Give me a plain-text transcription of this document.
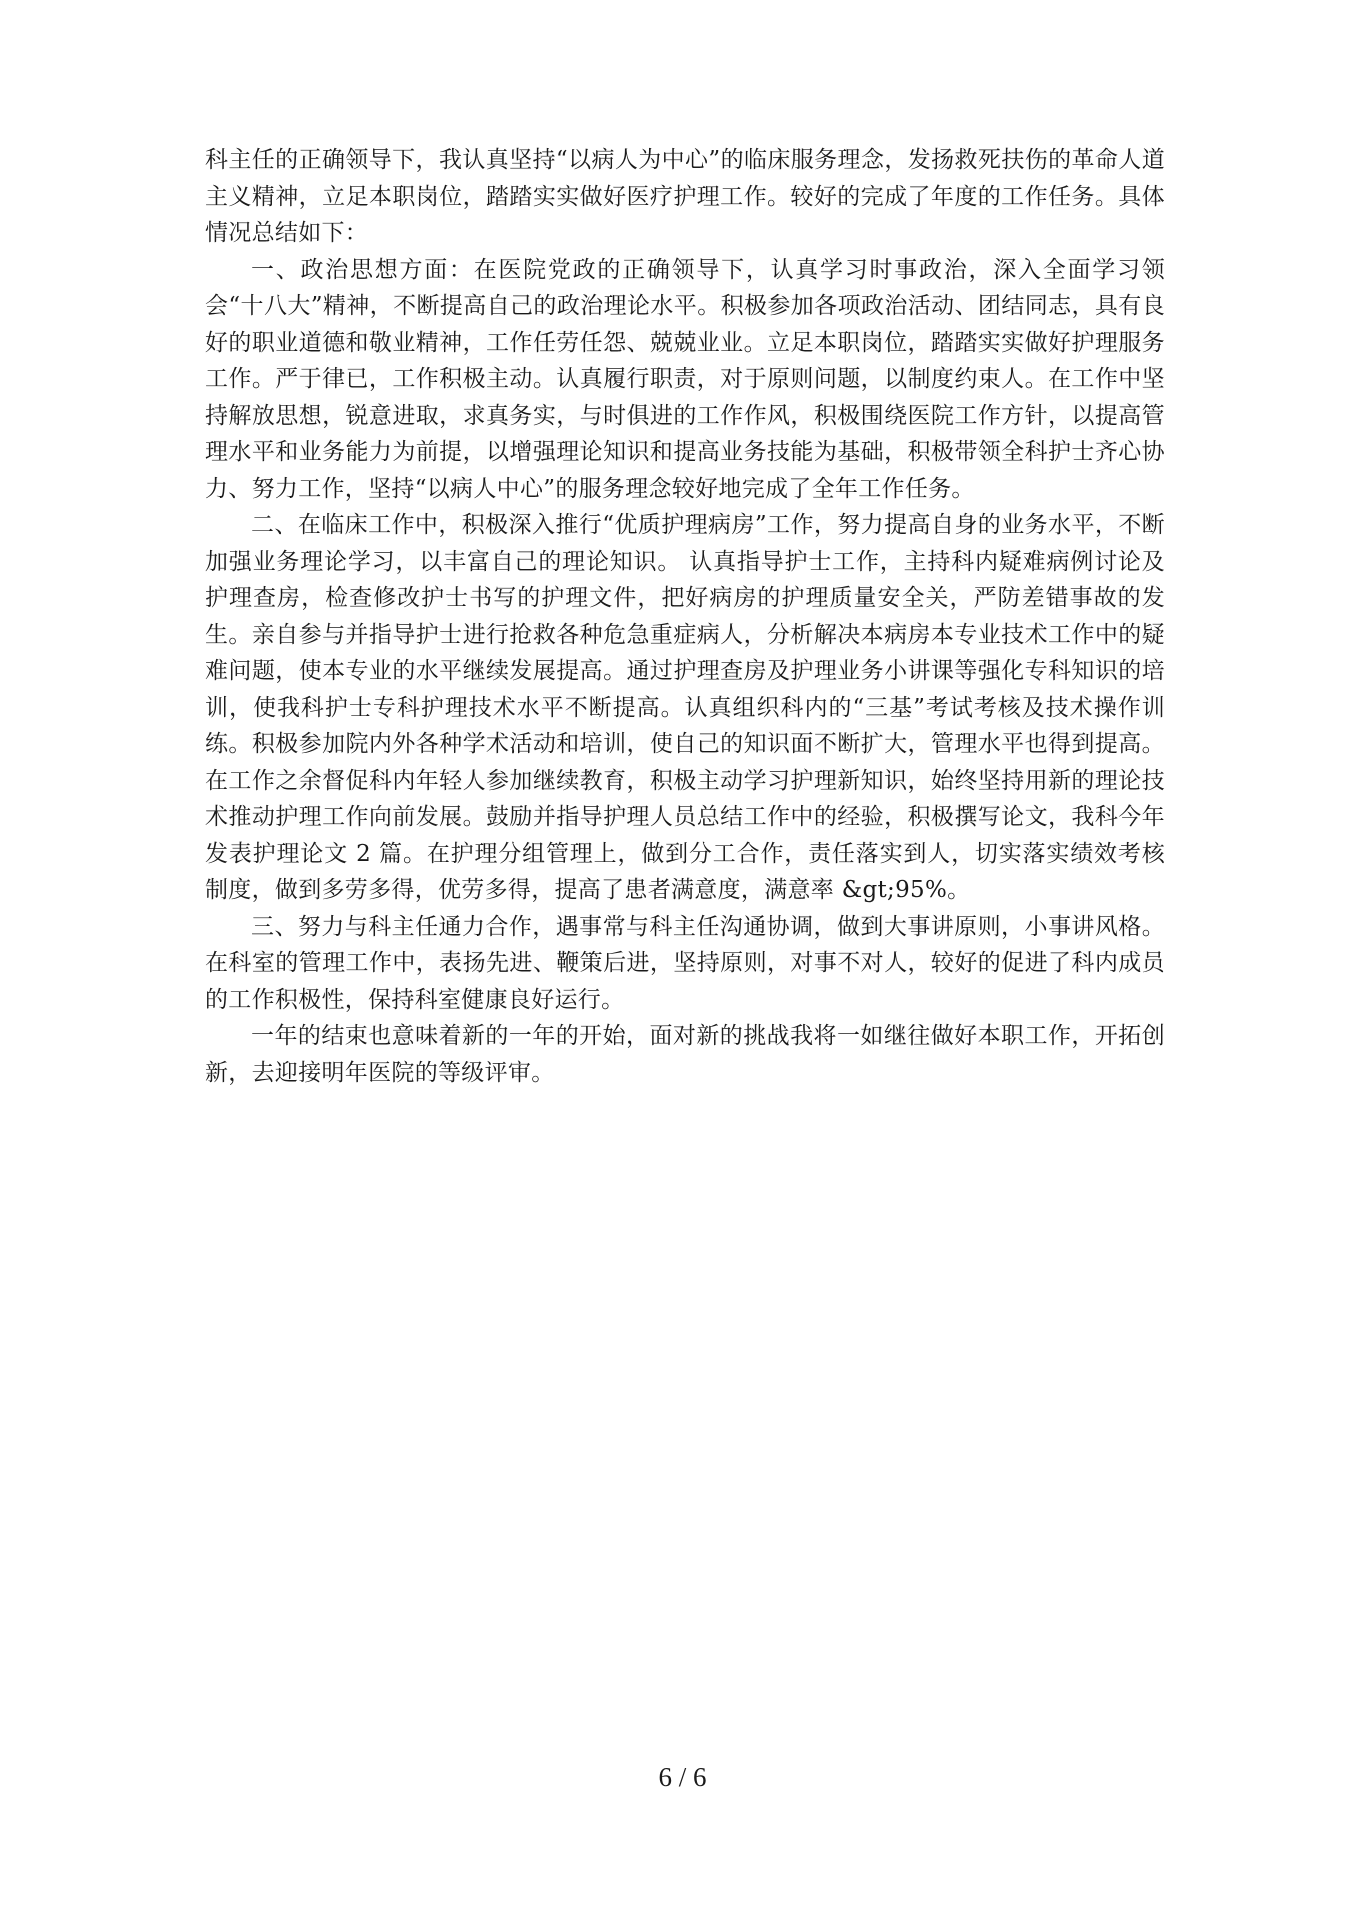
科主任的正确领导下，我认真坚持“以病人为中心”的临床服务理念，发扬救死扶伤的革命人道主义精神，立足本职岗位，踏踏实实做好医疗护理工作。较好的完成了年度的工作任务。具体情况总结如下：

一、政治思想方面：在医院党政的正确领导下，认真学习时事政治，深入全面学习领会“十八大”精神，不断提高自己的政治理论水平。积极参加各项政治活动、团结同志，具有良好的职业道德和敬业精神，工作任劳任怨、兢兢业业。立足本职岗位，踏踏实实做好护理服务工作。严于律已，工作积极主动。认真履行职责，对于原则问题，以制度约束人。在工作中坚持解放思想，锐意进取，求真务实，与时俱进的工作作风，积极围绕医院工作方针，以提高管理水平和业务能力为前提，以增强理论知识和提高业务技能为基础，积极带领全科护士齐心协力、努力工作，坚持“以病人中心”的服务理念较好地完成了全年工作任务。

二、在临床工作中，积极深入推行“优质护理病房”工作，努力提高自身的业务水平，不断加强业务理论学习，以丰富自己的理论知识。 认真指导护士工作，主持科内疑难病例讨论及护理查房，检查修改护士书写的护理文件，把好病房的护理质量安全关，严防差错事故的发生。亲自参与并指导护士进行抢救各种危急重症病人，分析解决本病房本专业技术工作中的疑难问题，使本专业的水平继续发展提高。通过护理查房及护理业务小讲课等强化专科知识的培训，使我科护士专科护理技术水平不断提高。认真组织科内的“三基”考试考核及技术操作训练。积极参加院内外各种学术活动和培训，使自己的知识面不断扩大，管理水平也得到提高。在工作之余督促科内年轻人参加继续教育，积极主动学习护理新知识，始终坚持用新的理论技术推动护理工作向前发展。鼓励并指导护理人员总结工作中的经验，积极撰写论文，我科今年发表护理论文 2 篇。在护理分组管理上，做到分工合作，责任落实到人，切实落实绩效考核制度，做到多劳多得，优劳多得，提高了患者满意度，满意率 &gt;95%。

三、努力与科主任通力合作，遇事常与科主任沟通协调，做到大事讲原则，小事讲风格。在科室的管理工作中，表扬先进、鞭策后进，坚持原则，对事不对人，较好的促进了科内成员的工作积极性，保持科室健康良好运行。

一年的结束也意味着新的一年的开始，面对新的挑战我将一如继往做好本职工作，开拓创新，去迎接明年医院的等级评审。

6 / 6
